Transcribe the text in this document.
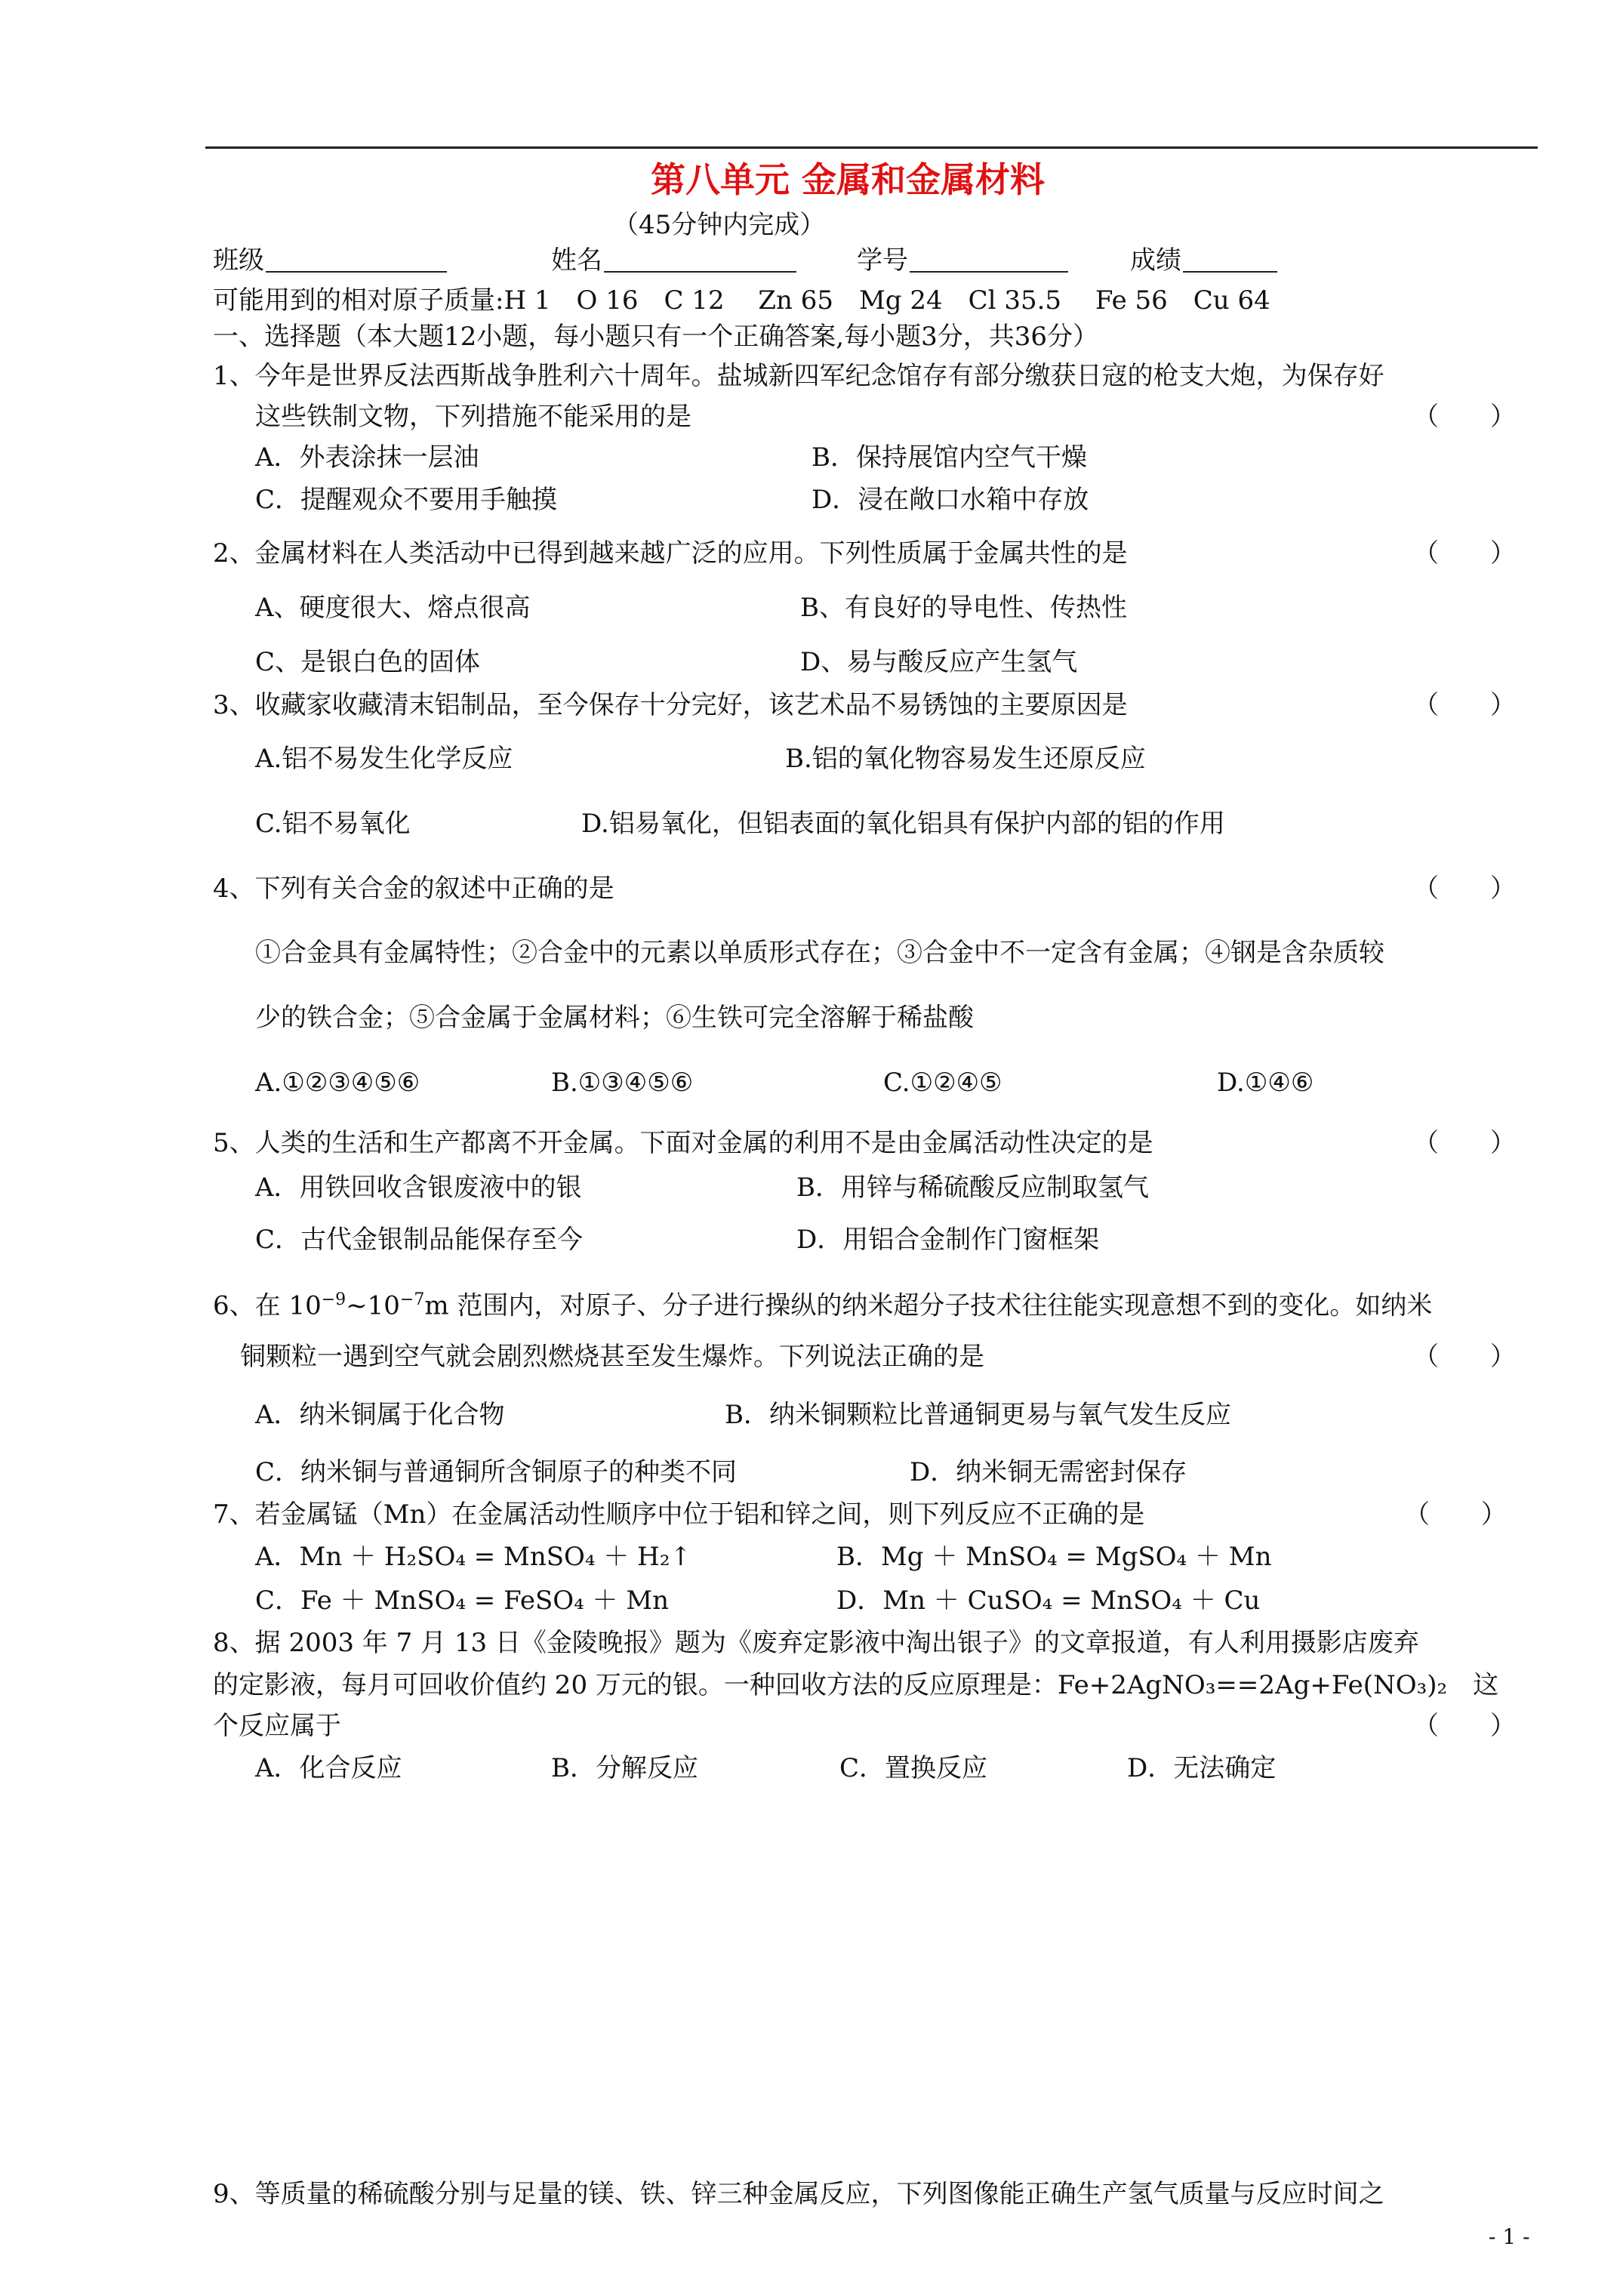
第八单元 金属和金属材料
（45分钟内完成）
班级	姓名	学号	成绩
可能用到的相对原子质量:H 1　O 16　C 12　 Zn 65　Mg 24　Cl 35.5　 Fe 56　Cu 64
一、选择题（本大题12小题，每小题只有一个正确答案,每小题3分，共36分）
1、今年是世界反法西斯战争胜利六十周年。盐城新四军纪念馆存有部分缴获日寇的枪支大炮，为保存好
这些铁制文物，下列措施不能采用的是	（　　）
A．外表涂抹一层油	B．保持展馆内空气干燥
C．提醒观众不要用手触摸	D．浸在敞口水箱中存放
2、金属材料在人类活动中已得到越来越广泛的应用。下列性质属于金属共性的是	（　　）
A、硬度很大、熔点很高	B、有良好的导电性、传热性
C、是银白色的固体	D、易与酸反应产生氢气
3、收藏家收藏清末铝制品，至今保存十分完好，该艺术品不易锈蚀的主要原因是	（　　）
A.铝不易发生化学反应	B.铝的氧化物容易发生还原反应
C.铝不易氧化	D.铝易氧化，但铝表面的氧化铝具有保护内部的铝的作用
4、下列有关合金的叙述中正确的是	（　　）
①合金具有金属特性；②合金中的元素以单质形式存在；③合金中不一定含有金属；④钢是含杂质较
少的铁合金；⑤合金属于金属材料；⑥生铁可完全溶解于稀盐酸
A.①②③④⑤⑥	B.①③④⑤⑥	C.①②④⑤	D.①④⑥
5、人类的生活和生产都离不开金属。下面对金属的利用不是由金属活动性决定的是	（　　）
A．用铁回收含银废液中的银	B．用锌与稀硫酸反应制取氢气
C．古代金银制品能保存至今	D．用铝合金制作门窗框架
6、在 $10^{-9}\sim 10^{-7}m$ 范围内，对原子、分子进行操纵的纳米超分子技术往往能实现意想不到的变化。如纳米
铜颗粒一遇到空气就会剧烈燃烧甚至发生爆炸。下列说法正确的是	（　　）
A．纳米铜属于化合物	B．纳米铜颗粒比普通铜更易与氧气发生反应
C．纳米铜与普通铜所含铜原子的种类不同	D．纳米铜无需密封保存
7、若金属锰（Mn）在金属活动性顺序中位于铝和锌之间，则下列反应不正确的是	（　　）
A．Mn ＋ H₂SO₄ = MnSO₄ ＋ H₂↑	B．Mg ＋ MnSO₄ = MgSO₄ ＋ Mn
C．Fe ＋ MnSO₄ = FeSO₄ ＋ Mn	D．Mn ＋ CuSO₄ = MnSO₄ ＋ Cu
8、据 2003 年 7 月 13 日《金陵晚报》题为《废弃定影液中淘出银子》的文章报道，有人利用摄影店废弃
的定影液，每月可回收价值约 20 万元的银。一种回收方法的反应原理是：Fe+2AgNO₃==2Ag+Fe(NO₃)₂　这
个反应属于	（　　）
A．化合反应	B．分解反应	C．置换反应	D．无法确定
9、等质量的稀硫酸分别与足量的镁、铁、锌三种金属反应，下列图像能正确生产氢气质量与反应时间之
- 1 -
